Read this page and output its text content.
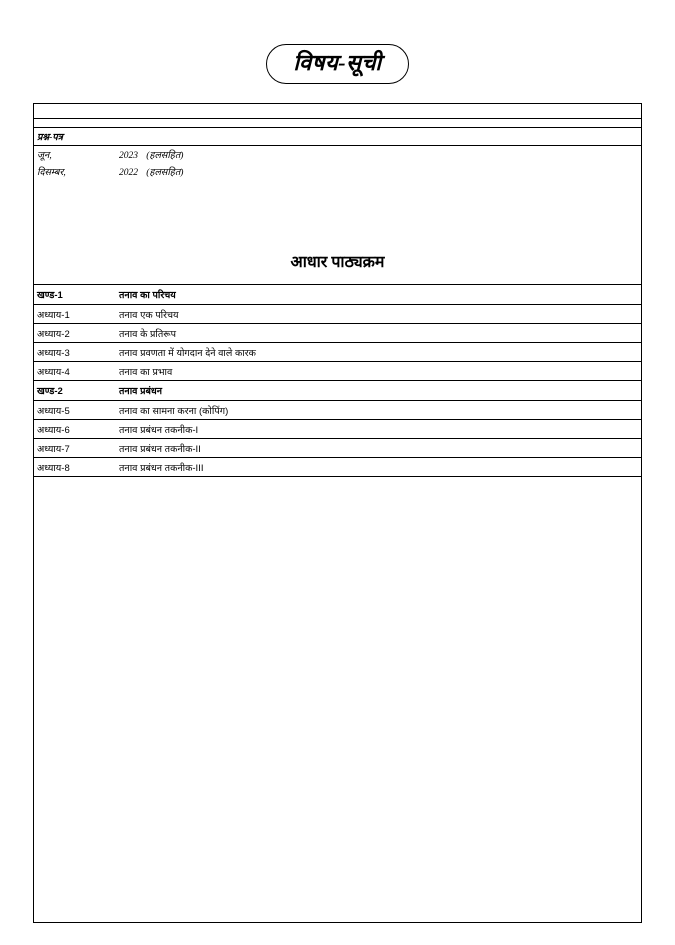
विषय-सूची
प्रश्न-पत्र
जून,	2023 (हलसहित)
दिसम्बर,	2022 (हलसहित)
आधार पाठ्यक्रम
खण्ड-1	तनाव का परिचय
अध्याय-1	तनाव एक परिचय
अध्याय-2	तनाव के प्रतिरूप
अध्याय-3	तनाव प्रवणता में योगदान देने वाले कारक
अध्याय-4	तनाव का प्रभाव
खण्ड-2	तनाव प्रबंधन
अध्याय-5	तनाव का सामना करना (कोपिंग)
अध्याय-6	तनाव प्रबंधन तकनीक-I
अध्याय-7	तनाव प्रबंधन तकनीक-II
अध्याय-8	तनाव प्रबंधन तकनीक-III
